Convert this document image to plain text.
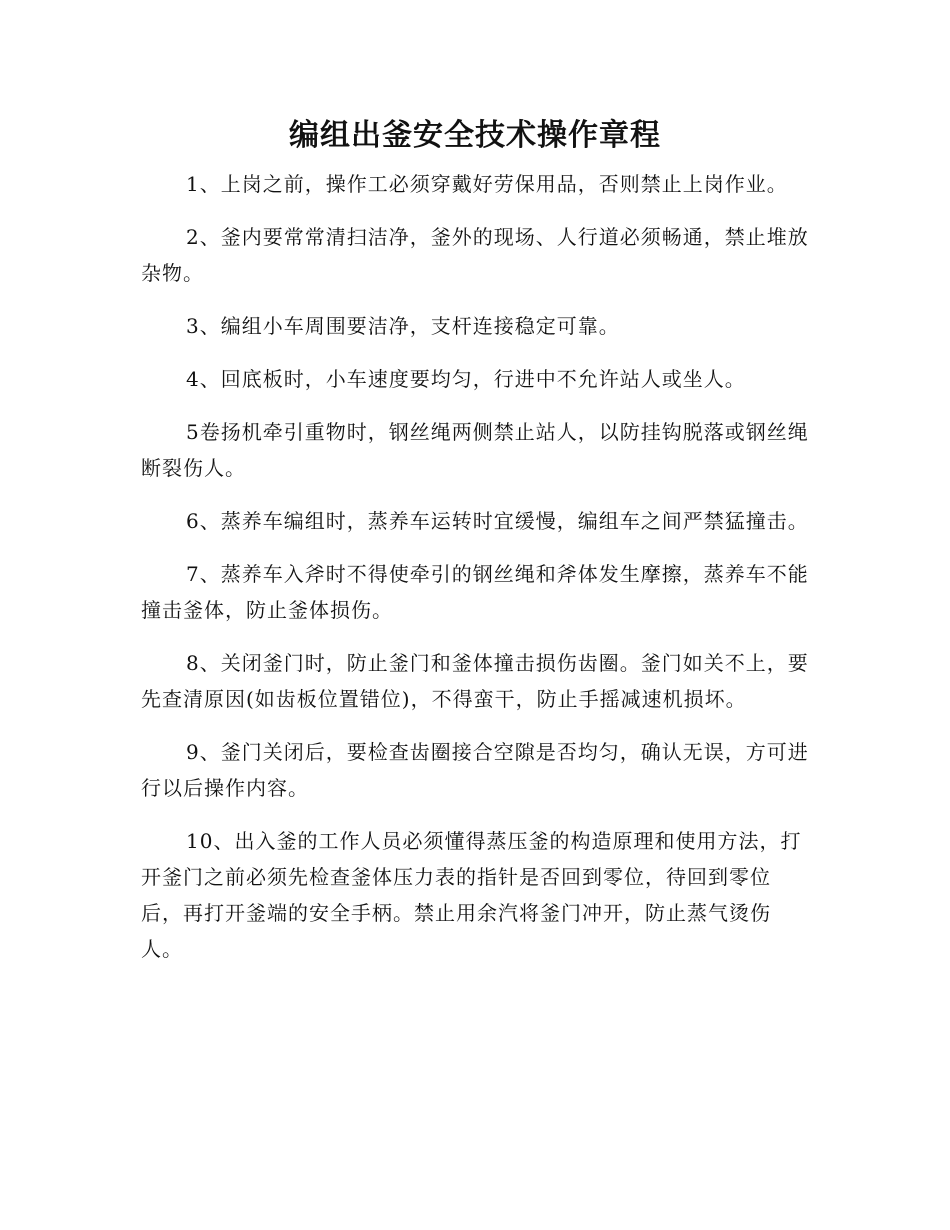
编组出釜安全技术操作章程

1、上岗之前，操作工必须穿戴好劳保用品，否则禁止上岗作业。

2、釜内要常常清扫洁净，釜外的现场、人行道必须畅通，禁止堆放杂物。

3、编组小车周围要洁净，支杆连接稳定可靠。

4、回底板时，小车速度要均匀，行进中不允许站人或坐人。

5卷扬机牵引重物时，钢丝绳两侧禁止站人，以防挂钩脱落或钢丝绳断裂伤人。

6、蒸养车编组时，蒸养车运转时宜缓慢，编组车之间严禁猛撞击。

7、蒸养车入斧时不得使牵引的钢丝绳和斧体发生摩擦，蒸养车不能撞击釜体，防止釜体损伤。

8、关闭釜门时，防止釜门和釜体撞击损伤齿圈。釜门如关不上，要先查清原因(如齿板位置错位)，不得蛮干，防止手摇减速机损坏。

9、釜门关闭后，要检查齿圈接合空隙是否均匀，确认无误，方可进行以后操作内容。

10、出入釜的工作人员必须懂得蒸压釜的构造原理和使用方法，打开釜门之前必须先检查釜体压力表的指针是否回到零位，待回到零位后，再打开釜端的安全手柄。禁止用余汽将釜门冲开，防止蒸气烫伤人。
